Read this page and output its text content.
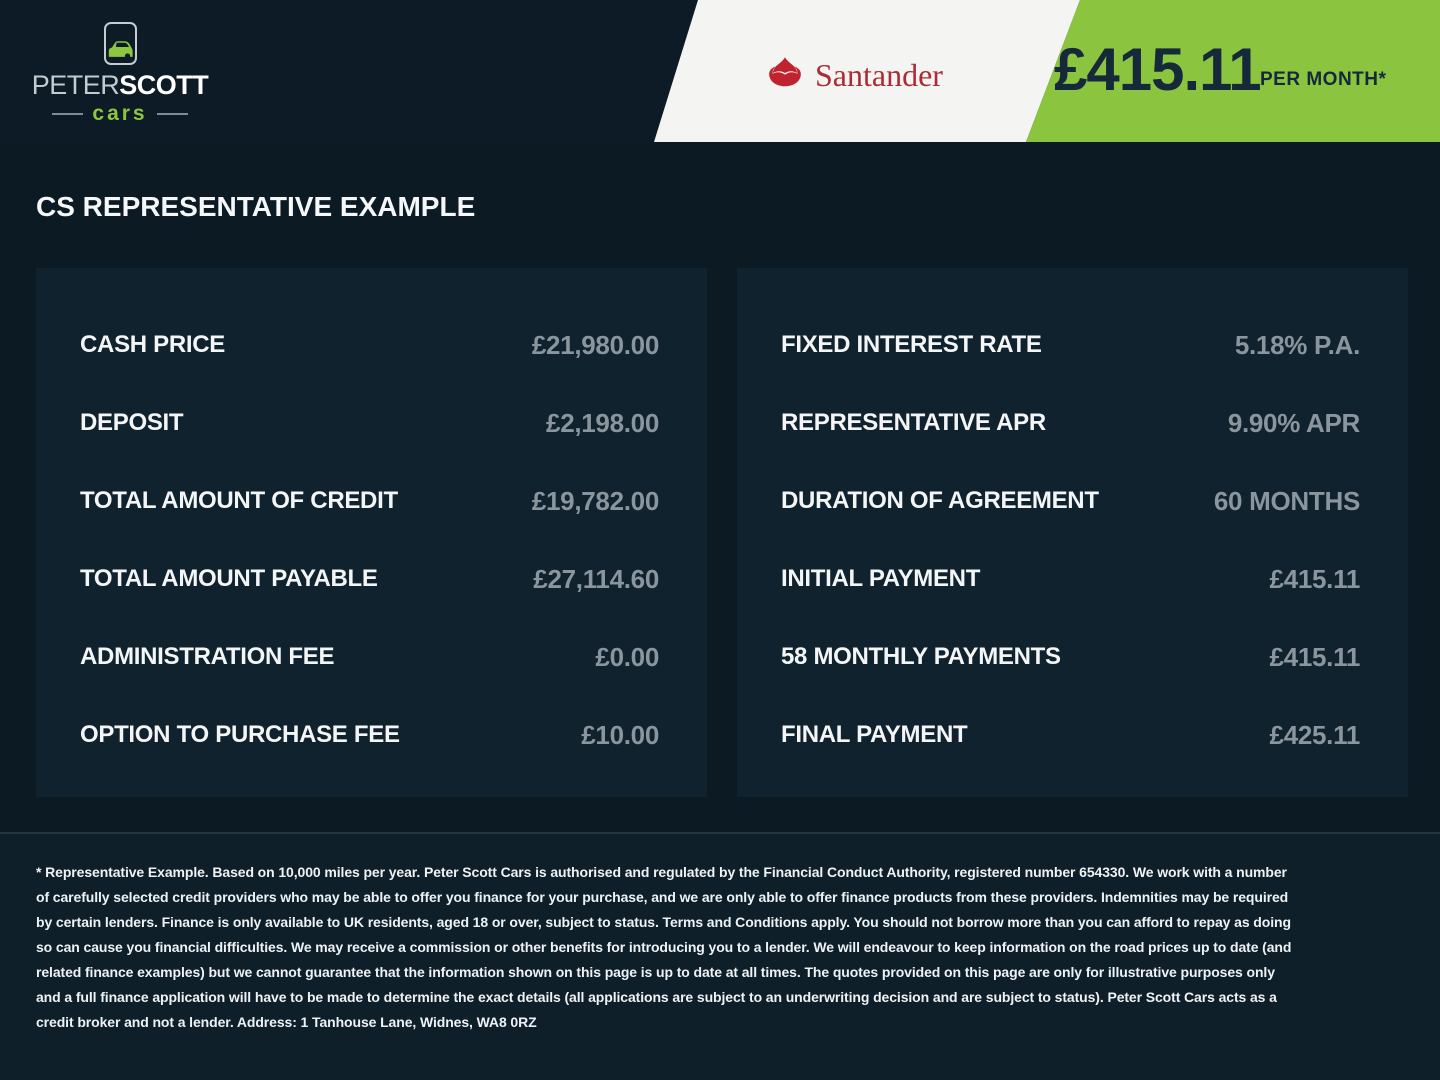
PETERSCOTT
cars
Santander £415.11 PER MONTH*
CS REPRESENTATIVE EXAMPLE
CASH PRICE	£21,980.00
DEPOSIT	£2,198.00
TOTAL AMOUNT OF CREDIT	£19,782.00
TOTAL AMOUNT PAYABLE	£27,114.60
ADMINISTRATION FEE	£0.00
OPTION TO PURCHASE FEE	£10.00
FIXED INTEREST RATE	5.18% P.A.
REPRESENTATIVE APR	9.90% APR
DURATION OF AGREEMENT	60 MONTHS
INITIAL PAYMENT	£415.11
58 MONTHLY PAYMENTS	£415.11
FINAL PAYMENT	£425.11

* Representative Example. Based on 10,000 miles per year. Peter Scott Cars is authorised and regulated by the Financial Conduct Authority, registered number 654330. We work with a number of carefully selected credit providers who may be able to offer you finance for your purchase, and we are only able to offer finance products from these providers. Indemnities may be required by certain lenders. Finance is only available to UK residents, aged 18 or over, subject to status. Terms and Conditions apply. You should not borrow more than you can afford to repay as doing so can cause you financial difficulties. We may receive a commission or other benefits for introducing you to a lender. We will endeavour to keep information on the road prices up to date (and related finance examples) but we cannot guarantee that the information shown on this page is up to date at all times. The quotes provided on this page are only for illustrative purposes only and a full finance application will have to be made to determine the exact details (all applications are subject to an underwriting decision and are subject to status). Peter Scott Cars acts as a credit broker and not a lender. Address: 1 Tanhouse Lane, Widnes, WA8 0RZ
